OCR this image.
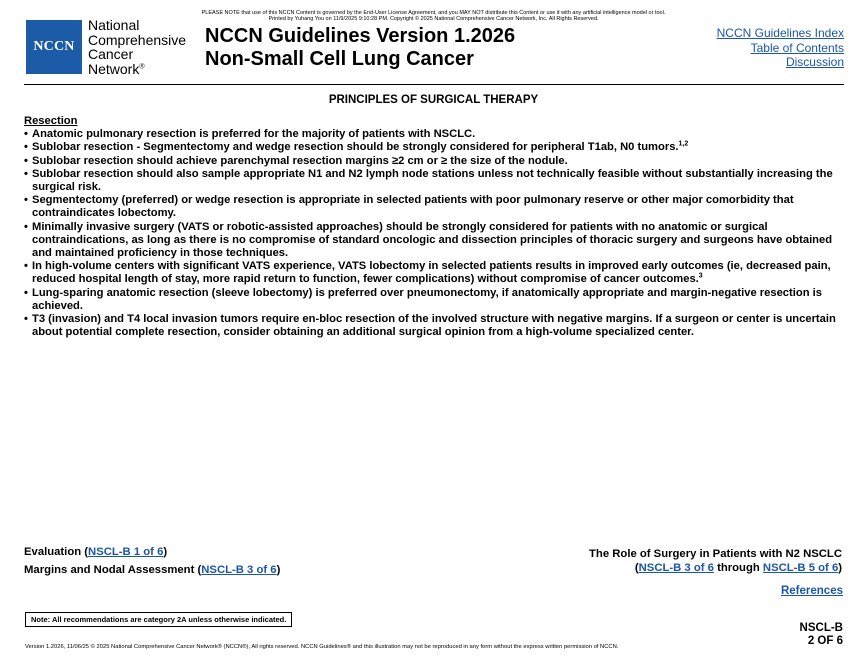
PLEASE NOTE that use of this NCCN Content is governed by the End-User License Agreement, and you MAY NOT distribute this Content or use it with any artificial intelligence model or tool.
Printed by Yuhang You on 11/9/2025 9:10:28 PM. Copyright © 2025 National Comprehensive Cancer Network, Inc. All Rights Reserved.
NCCN
National
Comprehensive
Cancer
Network®
NCCN Guidelines Version 1.2026
Non-Small Cell Lung Cancer
NCCN Guidelines Index
Table of Contents
Discussion
PRINCIPLES OF SURGICAL THERAPY
Resection
• Anatomic pulmonary resection is preferred for the majority of patients with NSCLC.
• Sublobar resection - Segmentectomy and wedge resection should be strongly considered for peripheral T1ab, N0 tumors.$^{1,2}$
• Sublobar resection should achieve parenchymal resection margins ≥2 cm or ≥ the size of the nodule.
• Sublobar resection should also sample appropriate N1 and N2 lymph node stations unless not technically feasible without substantially increasing the surgical risk.
• Segmentectomy (preferred) or wedge resection is appropriate in selected patients with poor pulmonary reserve or other major comorbidity that contraindicates lobectomy.
• Minimally invasive surgery (VATS or robotic-assisted approaches) should be strongly considered for patients with no anatomic or surgical contraindications, as long as there is no compromise of standard oncologic and dissection principles of thoracic surgery and surgeons have obtained and maintained proficiency in those techniques.
• In high-volume centers with significant VATS experience, VATS lobectomy in selected patients results in improved early outcomes (ie, decreased pain, reduced hospital length of stay, more rapid return to function, fewer complications) without compromise of cancer outcomes.$^3$
• Lung-sparing anatomic resection (sleeve lobectomy) is preferred over pneumonectomy, if anatomically appropriate and margin-negative resection is achieved.
• T3 (invasion) and T4 local invasion tumors require en-bloc resection of the involved structure with negative margins. If a surgeon or center is uncertain about potential complete resection, consider obtaining an additional surgical opinion from a high-volume specialized center.
Evaluation (NSCL-B 1 of 6)
Margins and Nodal Assessment (NSCL-B 3 of 6)
The Role of Surgery in Patients with N2 NSCLC
(NSCL-B 3 of 6 through NSCL-B 5 of 6)
References
Note: All recommendations are category 2A unless otherwise indicated.
NSCL-B
2 OF 6
Version 1.2026, 11/06/25 © 2025 National Comprehensive Cancer Network® (NCCN®), All rights reserved. NCCN Guidelines® and this illustration may not be reproduced in any form without the express written permission of NCCN.
